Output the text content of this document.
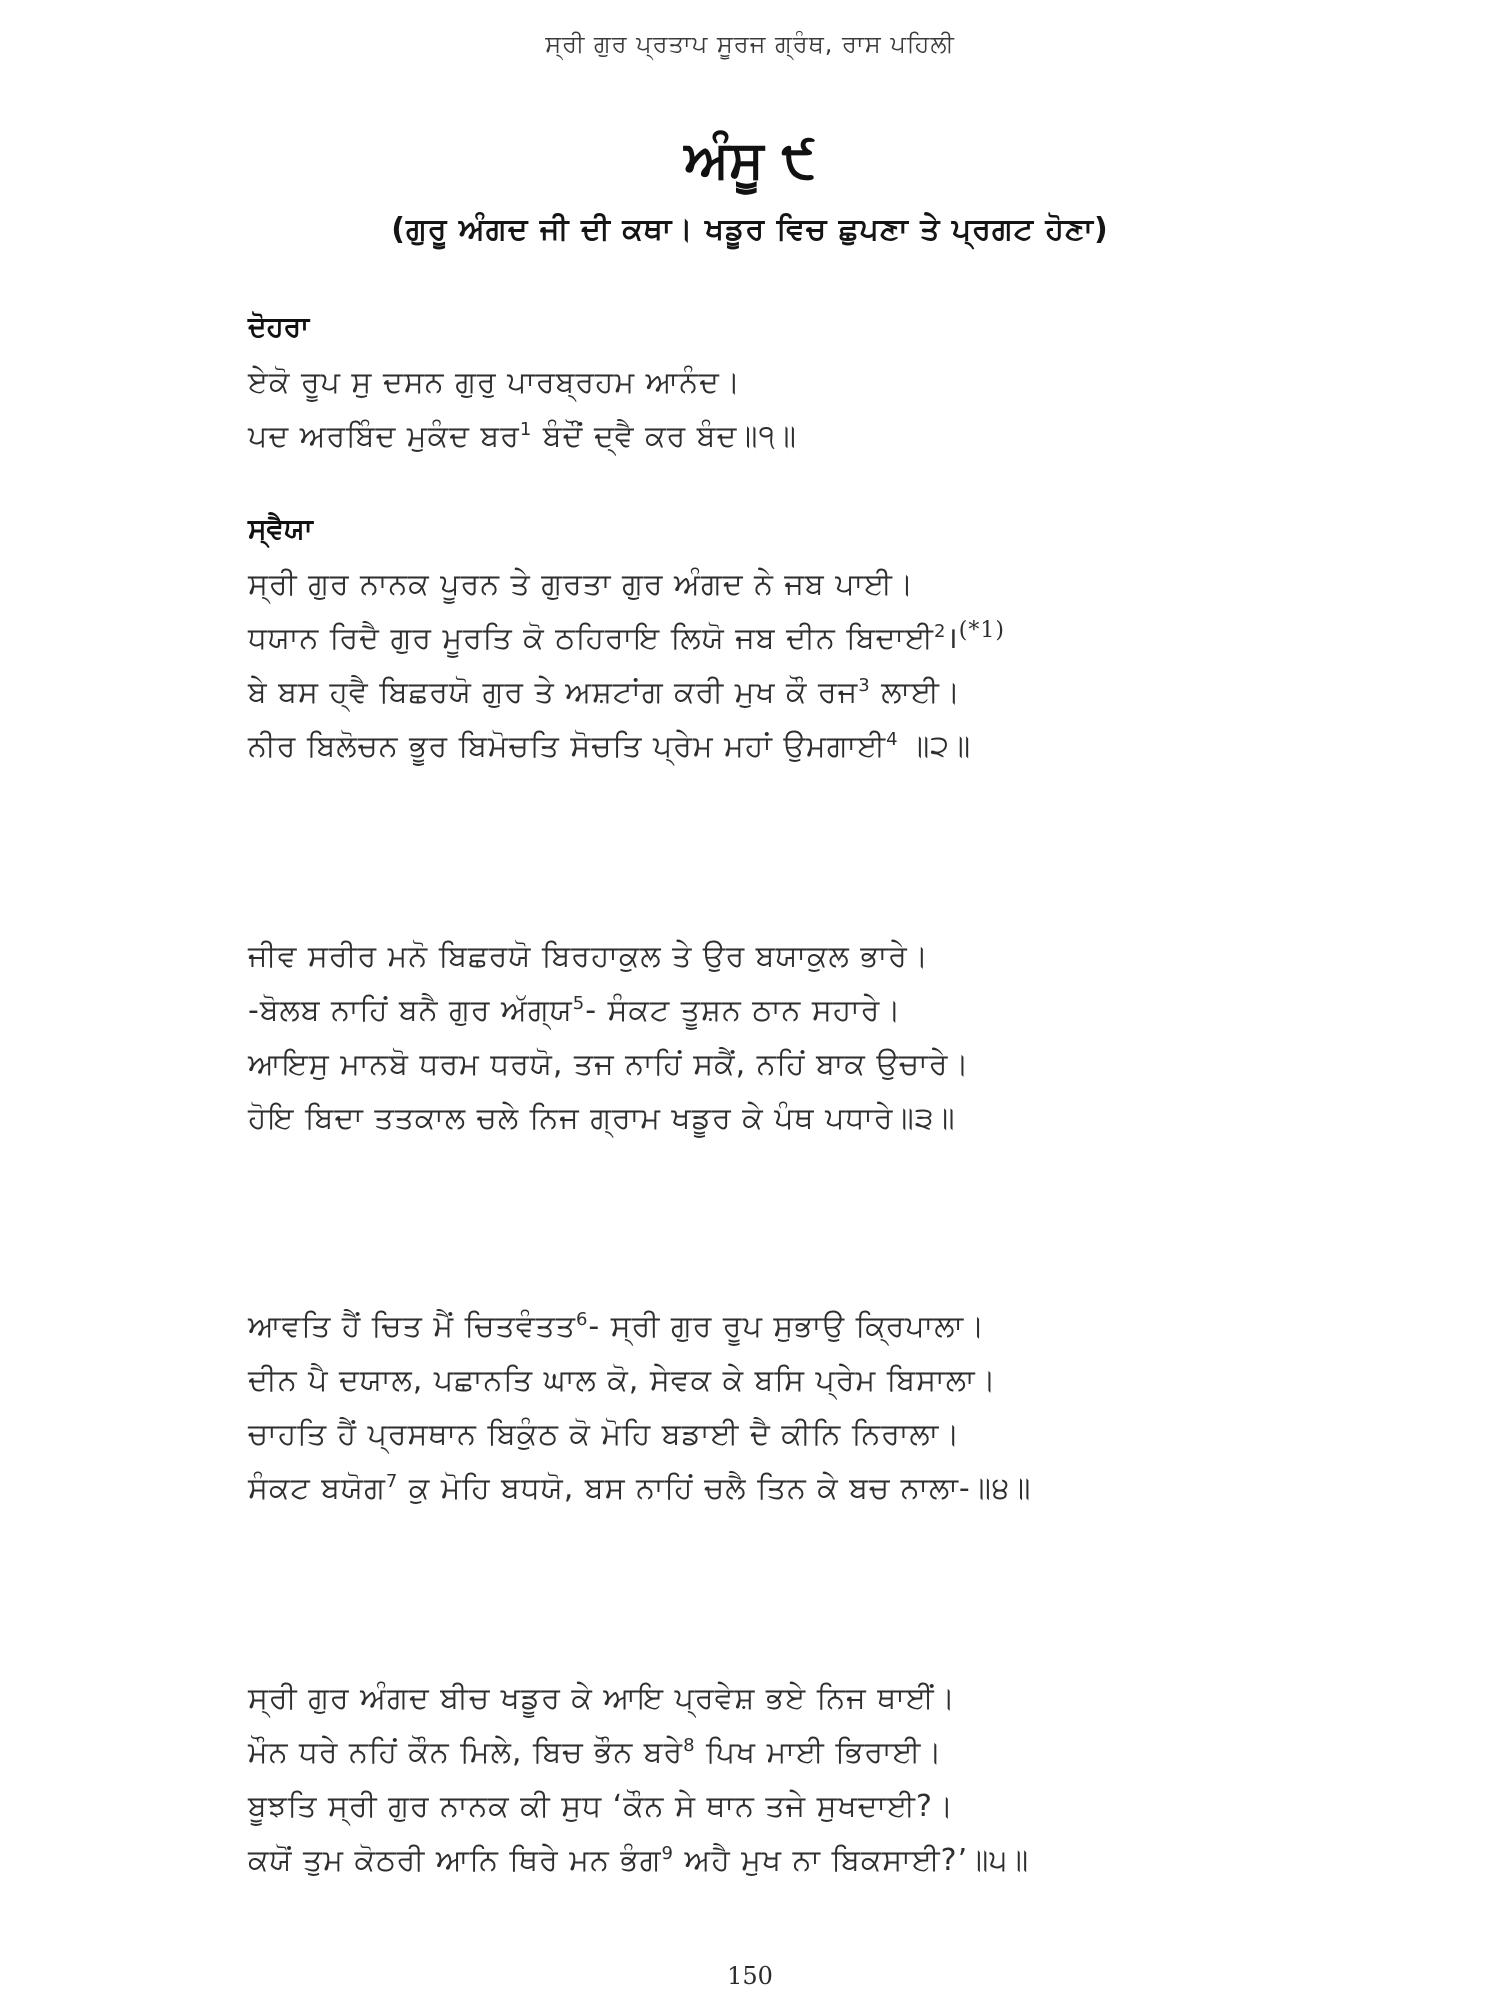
ਸ੍ਰੀ ਗੁਰ ਪ੍ਰਤਾਪ ਸੂਰਜ ਗ੍ਰੰਥ, ਰਾਸ ਪਹਿਲੀ
ਅੰਸੂ ੯
(ਗੁਰੂ ਅੰਗਦ ਜੀ ਦੀ ਕਥਾ। ਖਡੂਰ ਵਿਚ ਛੁਪਣਾ ਤੇ ਪ੍ਰਗਟ ਹੋਣਾ)
ਦੋਹਰਾ
ਏਕੋ ਰੂਪ ਸੁ ਦਸਨ ਗੁਰੁ ਪਾਰਬ੍ਰਹਮ ਆਨੰਦ।
ਪਦ ਅਰਬਿੰਦ ਮੁਕੰਦ ਬਰ$^1$ ਬੰਦੌਂ ਦ੍ਵੈ ਕਰ ਬੰਦ॥੧॥
ਸ੍ਵੈਯਾ
ਸ੍ਰੀ ਗੁਰ ਨਾਨਕ ਪੂਰਨ ਤੇ ਗੁਰਤਾ ਗੁਰ ਅੰਗਦ ਨੇ ਜਬ ਪਾਈ।
ਧਯਾਨ ਰਿਦੈ ਗੁਰ ਮੂਰਤਿ ਕੋ ਠਹਿਰਾਇ ਲਿਯੋ ਜਬ ਦੀਨ ਬਿਦਾਈ$^2$।$^{(*1)}$
ਬੇ ਬਸ ਹ੍ਵੈ ਬਿਛਰਯੋ ਗੁਰ ਤੇ ਅਸ਼ਟਾਂਗ ਕਰੀ ਮੁਖ ਕੌ ਰਜ$^3$ ਲਾਈ।
ਨੀਰ ਬਿਲੋਚਨ ਭੂਰ ਬਿਮੋਚਤਿ ਸੋਚਤਿ ਪ੍ਰੇਮ ਮਹਾਂ ਉਮਗਾਈ$^4$ ॥੨॥
ਜੀਵ ਸਰੀਰ ਮਨੋ ਬਿਛਰਯੋ ਬਿਰਹਾਕੁਲ ਤੇ ਉਰ ਬਯਾਕੁਲ ਭਾਰੇ।
-ਬੋਲਬ ਨਾਹਿਂ ਬਨੈ ਗੁਰ ਅੱਗ੍ਯ$^5$- ਸੰਕਟ ਤੂਸ਼ਨ ਠਾਨ ਸਹਾਰੇ।
ਆਇਸੁ ਮਾਨਬੋ ਧਰਮ ਧਰਯੋ, ਤਜ ਨਾਹਿਂ ਸਕੈਂ, ਨਹਿਂ ਬਾਕ ਉਚਾਰੇ।
ਹੋਇ ਬਿਦਾ ਤਤਕਾਲ ਚਲੇ ਨਿਜ ਗ੍ਰਾਮ ਖਡੂਰ ਕੇ ਪੰਥ ਪਧਾਰੇ॥੩॥
ਆਵਤਿ ਹੈਂ ਚਿਤ ਮੈਂ ਚਿਤਵੰਤਤ$^6$- ਸ੍ਰੀ ਗੁਰ ਰੂਪ ਸੁਭਾਉ ਕ੍ਰਿਪਾਲਾ।
ਦੀਨ ਪੈ ਦਯਾਲ, ਪਛਾਨਤਿ ਘਾਲ ਕੋ, ਸੇਵਕ ਕੇ ਬਸਿ ਪ੍ਰੇਮ ਬਿਸਾਲਾ।
ਚਾਹਤਿ ਹੈਂ ਪ੍ਰਸਥਾਨ ਬਿਕੁੰਠ ਕੋ ਮੋਹਿ ਬਡਾਈ ਦੈ ਕੀਨਿ ਨਿਰਾਲਾ।
ਸੰਕਟ ਬਯੋਗ$^7$ ਕੁ ਮੋਹਿ ਬਧਯੋ, ਬਸ ਨਾਹਿਂ ਚਲੈ ਤਿਨ ਕੇ ਬਚ ਨਾਲਾ-॥੪॥
ਸ੍ਰੀ ਗੁਰ ਅੰਗਦ ਬੀਚ ਖਡੂਰ ਕੇ ਆਇ ਪ੍ਰਵੇਸ਼ ਭਏ ਨਿਜ ਥਾਈਂ।
ਮੌਨ ਧਰੇ ਨਹਿਂ ਕੌਨ ਮਿਲੇ, ਬਿਚ ਭੌਨ ਬਰੇ$^8$ ਪਿਖ ਮਾਈ ਭਿਰਾਈ।
ਬੂਝਤਿ ਸ੍ਰੀ ਗੁਰ ਨਾਨਕ ਕੀ ਸੁਧ ‘ਕੌਨ ਸੇ ਥਾਨ ਤਜੇ ਸੁਖਦਾਈ?।
ਕਯੋਂ ਤੁਮ ਕੋਠਰੀ ਆਨਿ ਥਿਰੇ ਮਨ ਭੰਗ$^9$ ਅਹੈ ਮੁਖ ਨਾ ਬਿਕਸਾਈ?’॥੫॥
150
